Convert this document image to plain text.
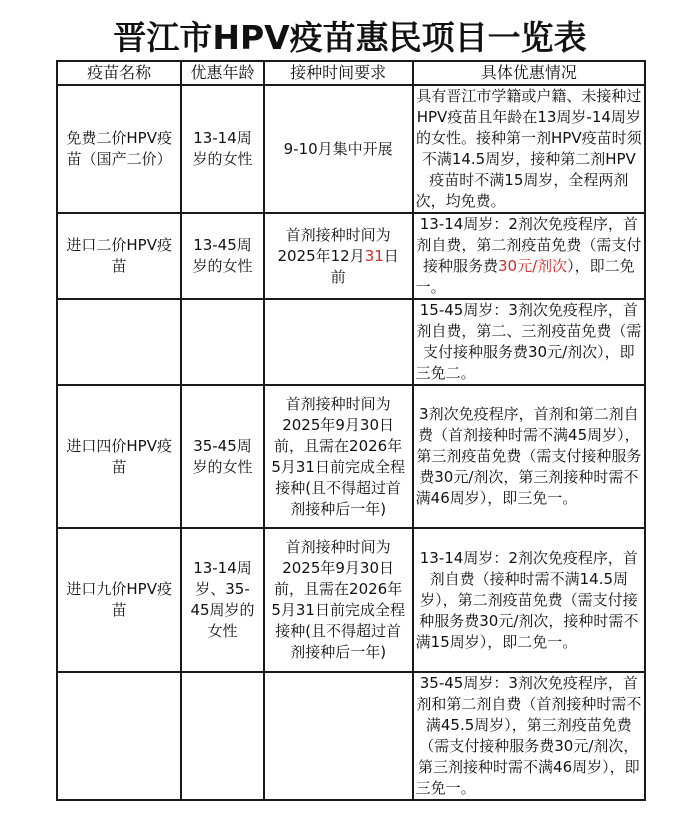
晋江市HPV疫苗惠民项目一览表
疫苗名称	优惠年龄	接种时间要求	具体优惠情况
免费二价HPV疫苗（国产二价）	13-14周岁的女性	9-10月集中开展	具有晋江市学籍或户籍、未接种过HPV疫苗且年龄在13周岁-14周岁的女性。接种第一剂HPV疫苗时须不满14.5周岁，接种第二剂HPV疫苗时不满15周岁，全程两剂次，均免费。
进口二价HPV疫苗	13-45周岁的女性	首剂接种时间为2025年12月31日前	13-14周岁：2剂次免疫程序，首剂自费，第二剂疫苗免费（需支付接种服务费30元/剂次），即二免一。
			15-45周岁：3剂次免疫程序，首剂自费，第二、三剂疫苗免费（需支付接种服务费30元/剂次），即三免二。
进口四价HPV疫苗	35-45周岁的女性	首剂接种时间为2025年9月30日前，且需在2026年5月31日前完成全程接种(且不得超过首剂接种后一年)	3剂次免疫程序，首剂和第二剂自费（首剂接种时需不满45周岁），第三剂疫苗免费（需支付接种服务费30元/剂次，第三剂接种时需不满46周岁），即三免一。
进口九价HPV疫苗	13-14周岁、35-45周岁的女性	首剂接种时间为2025年9月30日前，且需在2026年5月31日前完成全程接种(且不得超过首剂接种后一年)	13-14周岁：2剂次免疫程序，首剂自费（接种时需不满14.5周岁），第二剂疫苗免费（需支付接种服务费30元/剂次，接种时需不满15周岁），即二免一。
			35-45周岁：3剂次免疫程序，首剂和第二剂自费（首剂接种时需不满45.5周岁），第三剂疫苗免费（需支付接种服务费30元/剂次，第三剂接种时需不满46周岁），即三免一。
